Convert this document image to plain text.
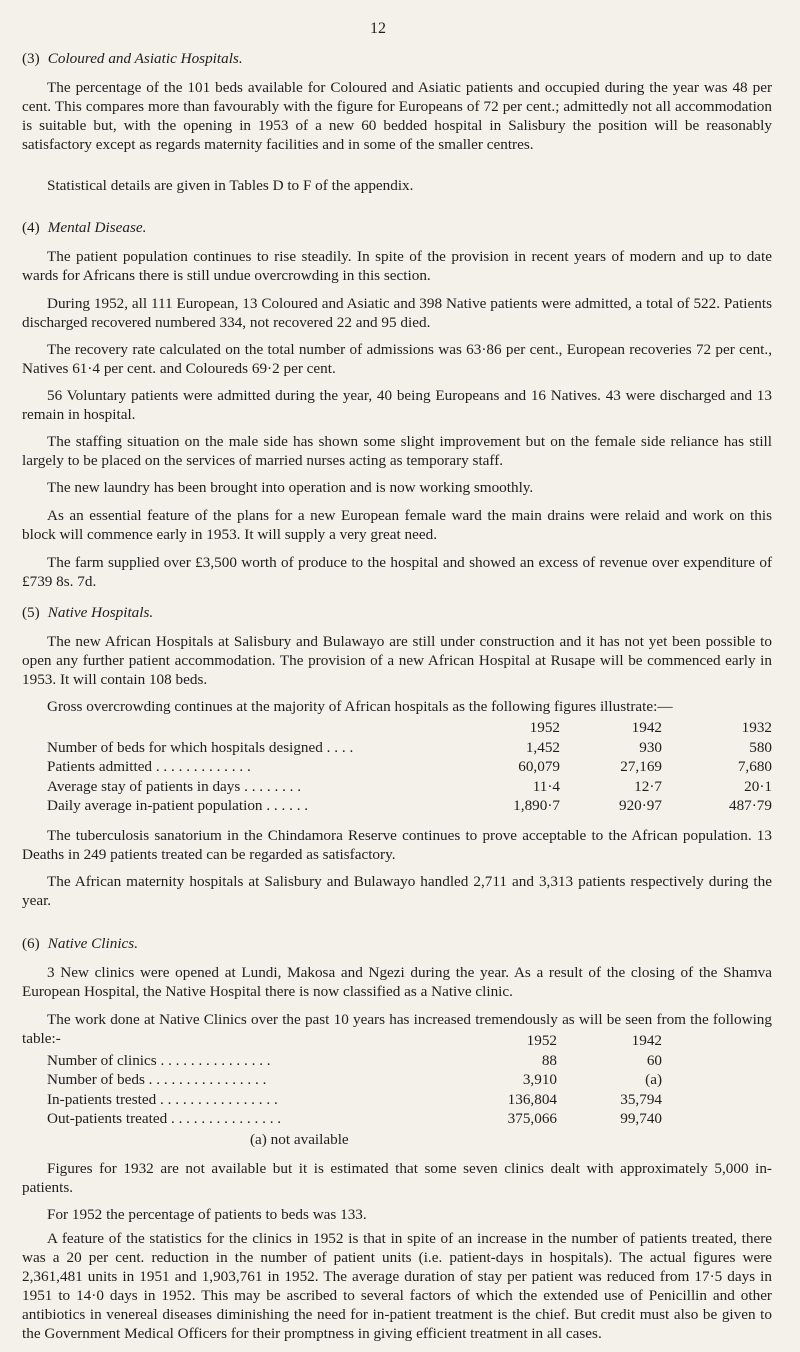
12
(3) Coloured and Asiatic Hospitals.
The percentage of the 101 beds available for Coloured and Asiatic patients and occupied during the year was 48 per cent. This compares more than favourably with the figure for Europeans of 72 per cent.; admittedly not all accommodation is suitable but, with the opening in 1953 of a new 60 bedded hospital in Salisbury the position will be reasonably satisfactory except as regards maternity facilities and in some of the smaller centres.
Statistical details are given in Tables D to F of the appendix.
(4) Mental Disease.
The patient population continues to rise steadily. In spite of the provision in recent years of modern and up to date wards for Africans there is still undue overcrowding in this section.
During 1952, all 111 European, 13 Coloured and Asiatic and 398 Native patients were admitted, a total of 522. Patients discharged recovered numbered 334, not recovered 22 and 95 died.
The recovery rate calculated on the total number of admissions was 63·86 per cent., European recoveries 72 per cent., Natives 61·4 per cent. and Coloureds 69·2 per cent.
56 Voluntary patients were admitted during the year, 40 being Europeans and 16 Natives. 43 were discharged and 13 remain in hospital.
The staffing situation on the male side has shown some slight improvement but on the female side reliance has still largely to be placed on the services of married nurses acting as temporary staff.
The new laundry has been brought into operation and is now working smoothly.
As an essential feature of the plans for a new European female ward the main drains were relaid and work on this block will commence early in 1953. It will supply a very great need.
The farm supplied over £3,500 worth of produce to the hospital and showed an excess of revenue over expenditure of £739 8s. 7d.
(5) Native Hospitals.
The new African Hospitals at Salisbury and Bulawayo are still under construction and it has not yet been possible to open any further patient accommodation. The provision of a new African Hospital at Rusape will be commenced early in 1953. It will contain 108 beds.
Gross overcrowding continues at the majority of African hospitals as the following figures illustrate:—
	1952	1942	1932
Number of beds for which hospitals designed . . . .	1,452	930	580
Patients admitted . . . . . . . . . . . . .	60,079	27,169	7,680
Average stay of patients in days . . . . . . . .	11·4	12·7	20·1
Daily average in-patient population . . . . . .	1,890·7	920·97	487·79
The tuberculosis sanatorium in the Chindamora Reserve continues to prove acceptable to the African population. 13 Deaths in 249 patients treated can be regarded as satisfactory.
The African maternity hospitals at Salisbury and Bulawayo handled 2,711 and 3,313 patients respectively during the year.
(6) Native Clinics.
3 New clinics were opened at Lundi, Makosa and Ngezi during the year. As a result of the closing of the Shamva European Hospital, the Native Hospital there is now classified as a Native clinic.
The work done at Native Clinics over the past 10 years has increased tremendously as will be seen from the following table:-
		1952	1942
Number of clinics . . . . . . . . . . . . . . .	88	60
Number of beds . . . . . . . . . . . . . . . .	3,910	(a)
In-patients trested . . . . . . . . . . . . . . . .	136,804	35,794
Out-patients treated . . . . . . . . . . . . . . .	375,066	99,740
(a) not available
Figures for 1932 are not available but it is estimated that some seven clinics dealt with approximately 5,000 in-patients.
For 1952 the percentage of patients to beds was 133.
A feature of the statistics for the clinics in 1952 is that in spite of an increase in the number of patients treated, there was a 20 per cent. reduction in the number of patient units (i.e. patient-days in hospitals). The actual figures were 2,361,481 units in 1951 and 1,903,761 in 1952. The average duration of stay per patient was reduced from 17·5 days in 1951 to 14·0 days in 1952. This may be ascribed to several factors of which the extended use of Penicillin and other antibiotics in venereal diseases diminishing the need for in-patient treatment is the chief. But credit must also be given to the Government Medical Officers for their promptness in giving efficient treatment in all cases.
